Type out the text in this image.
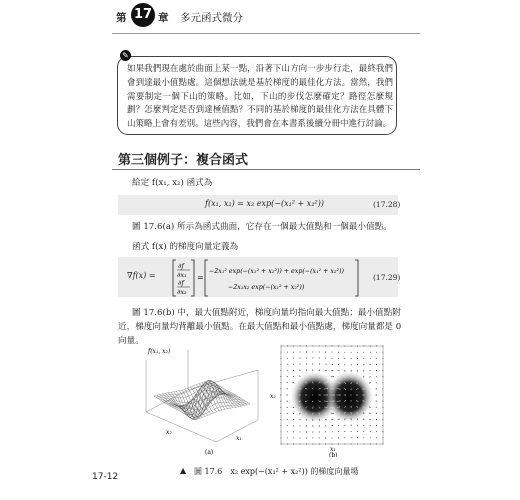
第 17 章 多元函式微分
✎
如果我們現在處於曲面上某一點，沿著下山方向一步步行走，最終我們會到達最小值點處。這個想法就是基於梯度的最佳化方法。當然，我們需要制定一個下山的策略。比如，下山的步伐怎麼確定？路徑怎麼規劃？怎麼判定是否到達極值點？不同的基於梯度的最佳化方法在具體下山策略上會有差別。這些內容，我們會在本書系後續分冊中進行討論。
第三個例子：複合函式
給定 f(x₁, x₂) 函式為
f(x₁, x₂) = x₂ exp(−(x₁² + x₂²))	(17.28)
圖 17.6(a) 所示為函式曲面，它存在一個最大值點和一個最小值點。
函式 f(x) 的梯度向量定義為
∇f(x) =
∂f
∂x₁
∂f
∂x₂
=
−2x₁² exp(−(x₁² + x₂²)) + exp(−(x₁² + x₂²))
−2x₁x₂ exp(−(x₁² + x₂²))
(17.29)
圖 17.6(b) 中，最大值點附近，梯度向量均指向最大值點；最小值點附近，梯度向量均背離最小值點。在最大值點和最小值點處，梯度向量都是 0 向量。
f(x₁, x₂)
x₂
x₁
(a)
x₂
x₁
(b)
▲ 圖 17.6　x₂ exp(−(x₁² + x₂²)) 的梯度向量場
17-12
